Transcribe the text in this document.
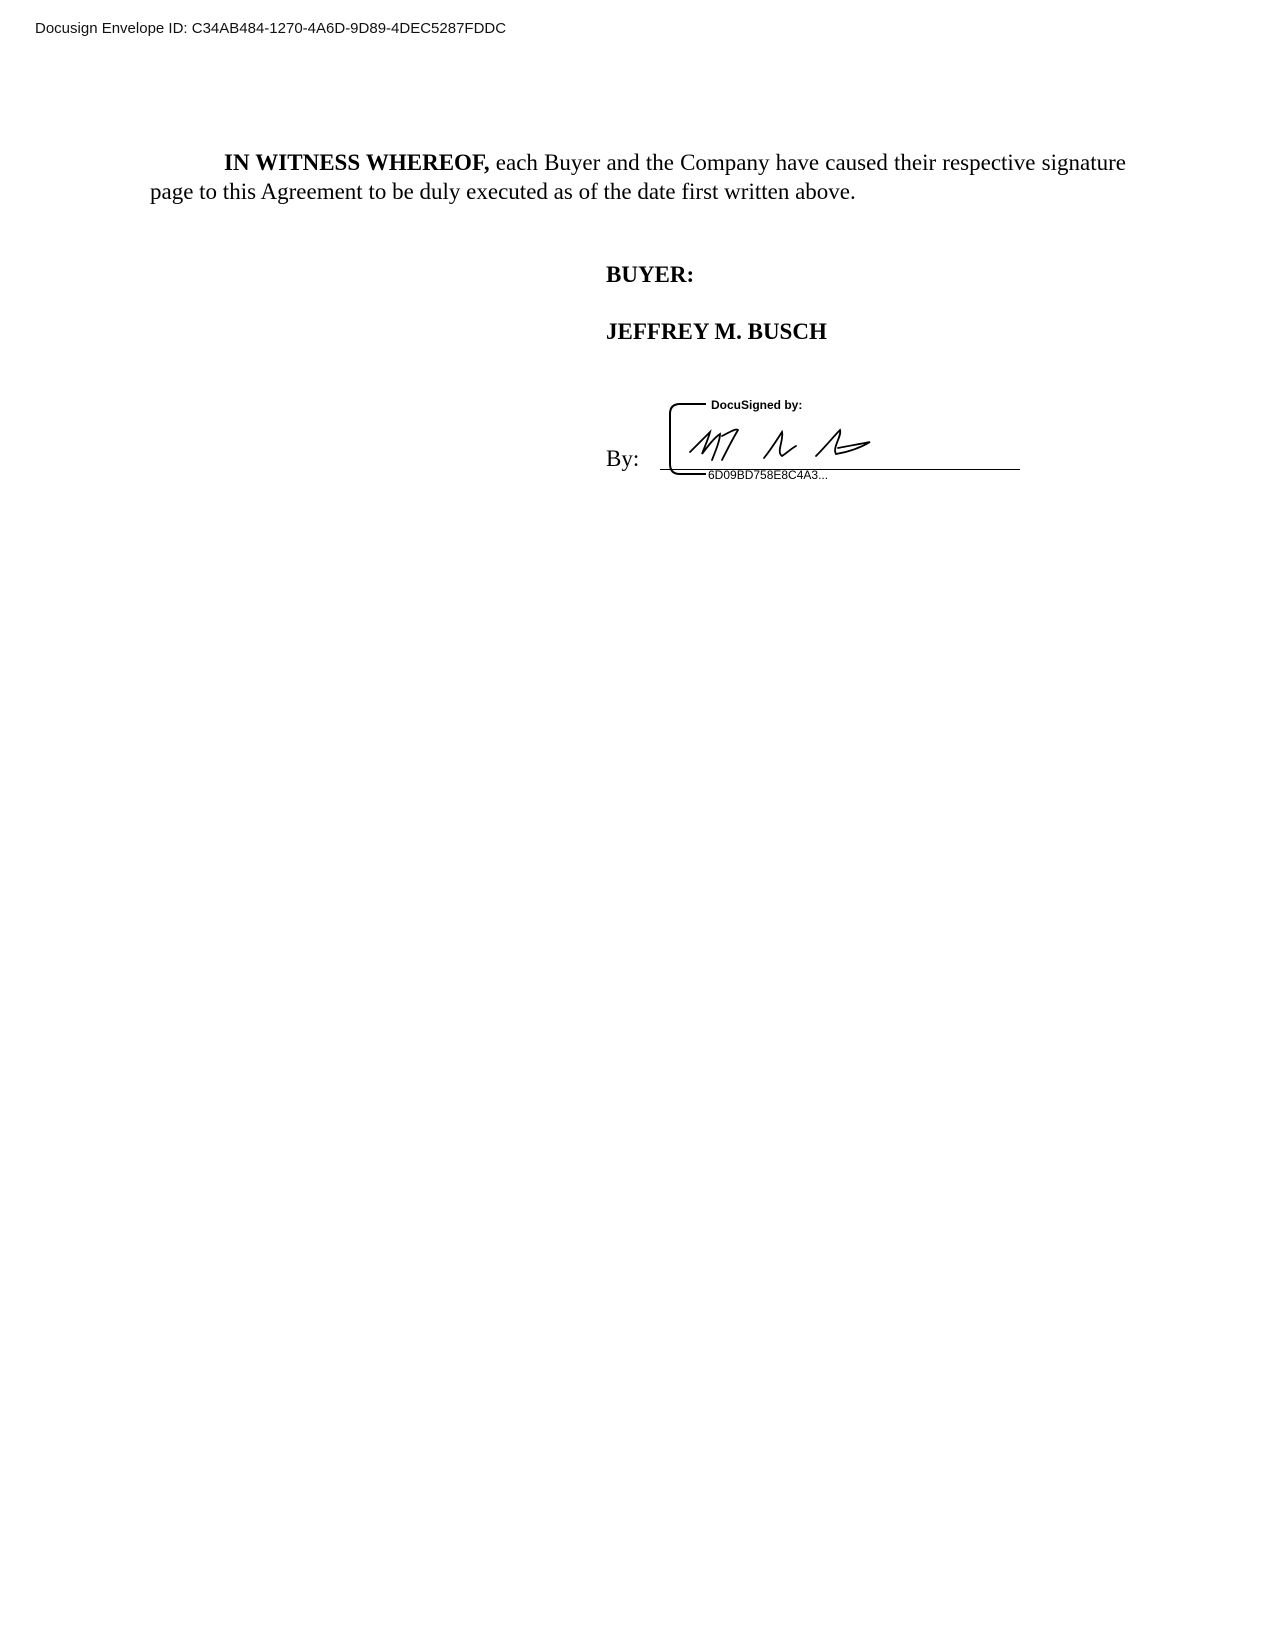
Docusign Envelope ID: C34AB484-1270-4A6D-9D89-4DEC5287FDDC

IN WITNESS WHEREOF, each Buyer and the Company have caused their respective signature page to this Agreement to be duly executed as of the date first written above.

BUYER:
JEFFREY M. BUSCH
By:
DocuSigned by:
6D09BD758E8C4A3...
